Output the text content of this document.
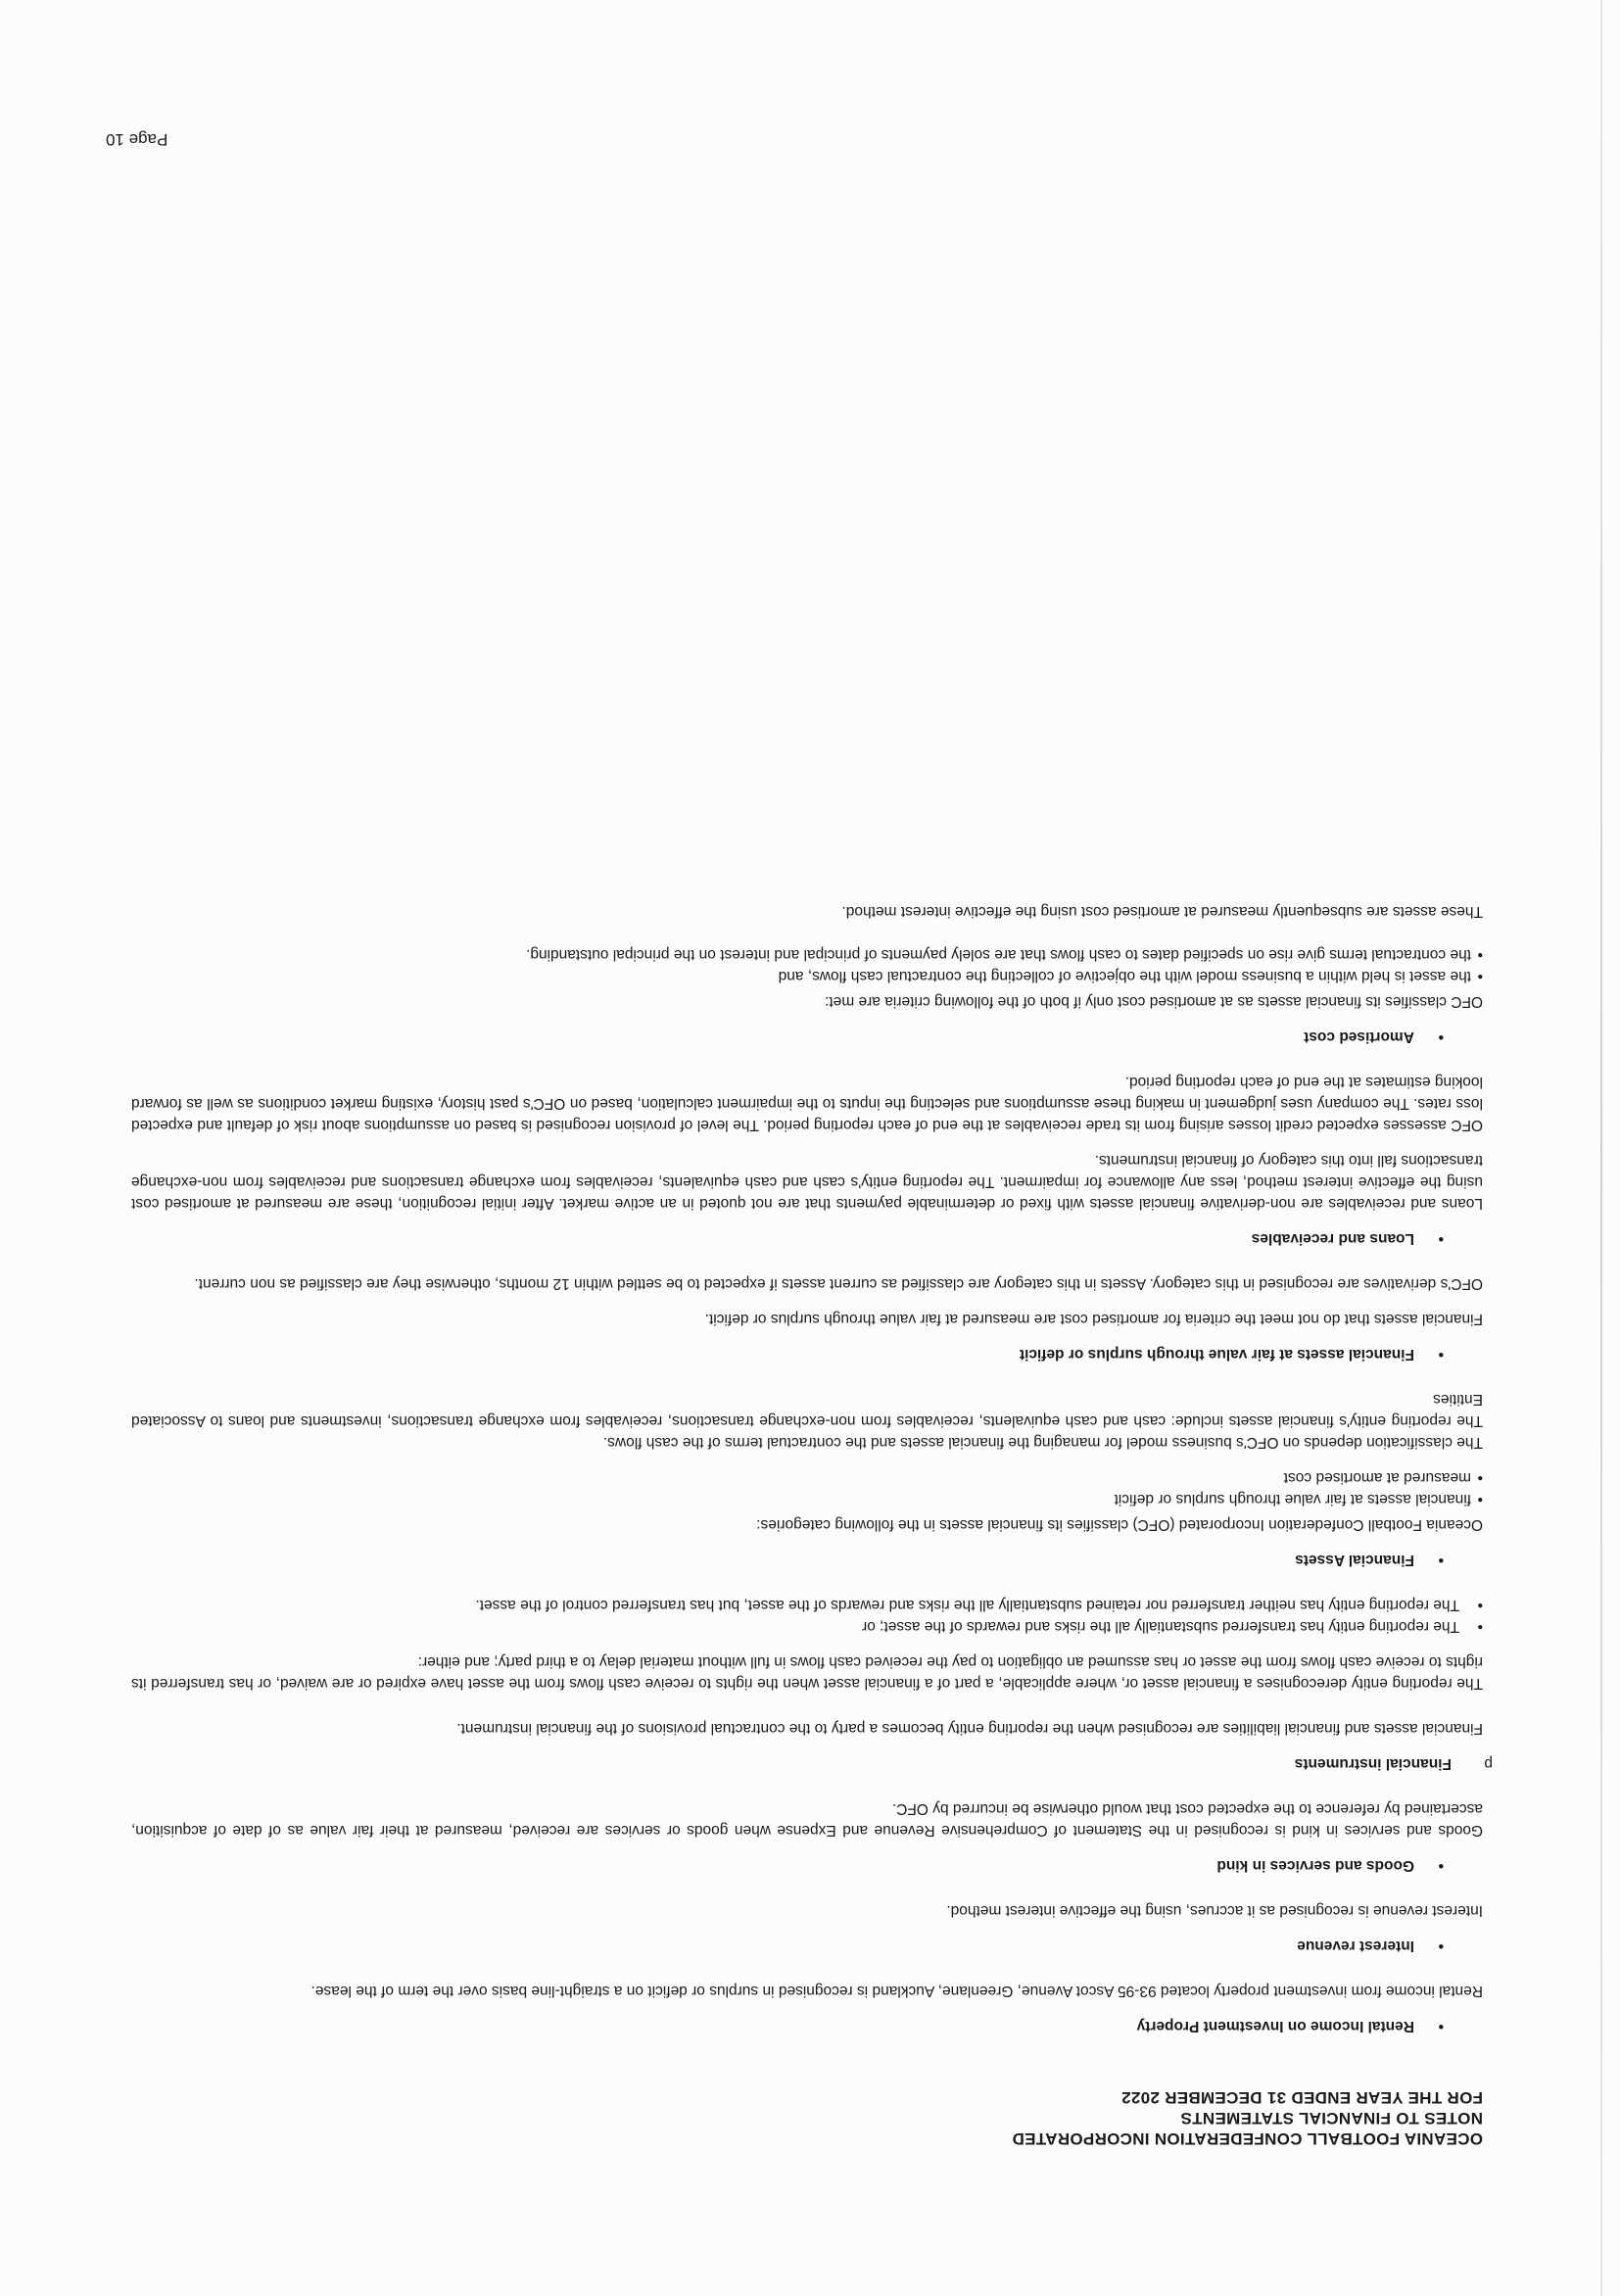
OCEANIA FOOTBALL CONFEDERATION INCORPORATED
NOTES TO FINANCIAL STATEMENTS
FOR THE YEAR ENDED 31 DECEMBER 2022
•
Rental Income on Investment Property

Rental income from investment property located 93-95 Ascot Avenue, Greenlane, Auckland is recognised in surplus or deficit on a straight-line basis over the term of the lease.

•
Interest revenue

Interest revenue is recognised as it accrues, using the effective interest method.

•
Goods and services in kind

Goods and services in kind is recognised in the Statement of Comprehensive Revenue and Expense when goods or services are received, measured at their fair value as of date of acquisition, ascertained by reference to the expected cost that would otherwise be incurred by OFC.

p
Financial instruments

Financial assets and financial liabilities are recognised when the reporting entity becomes a party to the contractual provisions of the financial instrument.

The reporting entity derecognises a financial asset or, where applicable, a part of a financial asset when the rights to receive cash flows from the asset have expired or are waived, or has transferred its rights to receive cash flows from the asset or has assumed an obligation to pay the received cash flows in full without material delay to a third party; and either:

• The reporting entity has transferred substantially all the risks and rewards of the asset; or
• The reporting entity has neither transferred nor retained substantially all the risks and rewards of the asset, but has transferred control of the asset.
•
Financial Assets

Oceania Football Confederation Incorporated (OFC) classifies its financial assets in the following categories:

• financial assets at fair value through surplus or deficit
• measured at amortised cost

The classification depends on OFC's business model for managing the financial assets and the contractual terms of the cash flows.

The reporting entity's financial assets include: cash and cash equivalents, receivables from non-exchange transactions, receivables from exchange transactions, investments and loans to Associated Entities

•
Financial assets at fair value through surplus or deficit

Financial assets that do not meet the criteria for amortised cost are measured at fair value through surplus or deficit.

OFC's derivatives are recognised in this category. Assets in this category are classified as current assets if expected to be settled within 12 months, otherwise they are classified as non current.

•
Loans and receivables

Loans and receivables are non-derivative financial assets with fixed or determinable payments that are not quoted in an active market. After initial recognition, these are measured at amortised cost using the effective interest method, less any allowance for impairment. The reporting entity's cash and cash equivalents, receivables from exchange transactions and receivables from non-exchange transactions fall into this category of financial instruments.

OFC assesses expected credit losses arising from its trade receivables at the end of each reporting period. The level of provision recognised is based on assumptions about risk of default and expected loss rates. The company uses judgement in making these assumptions and selecting the inputs to the impairment calculation, based on OFC's past history, existing market conditions as well as forward looking estimates at the end of each reporting period.

•
Amortised cost

OFC classifies its financial assets as at amortised cost only if both of the following criteria are met:

• the asset is held within a business model with the objective of collecting the contractual cash flows, and
• the contractual terms give rise on specified dates to cash flows that are solely payments of principal and interest on the principal outstanding.

These assets are subsequently measured at amortised cost using the effective interest method.

Page 10
